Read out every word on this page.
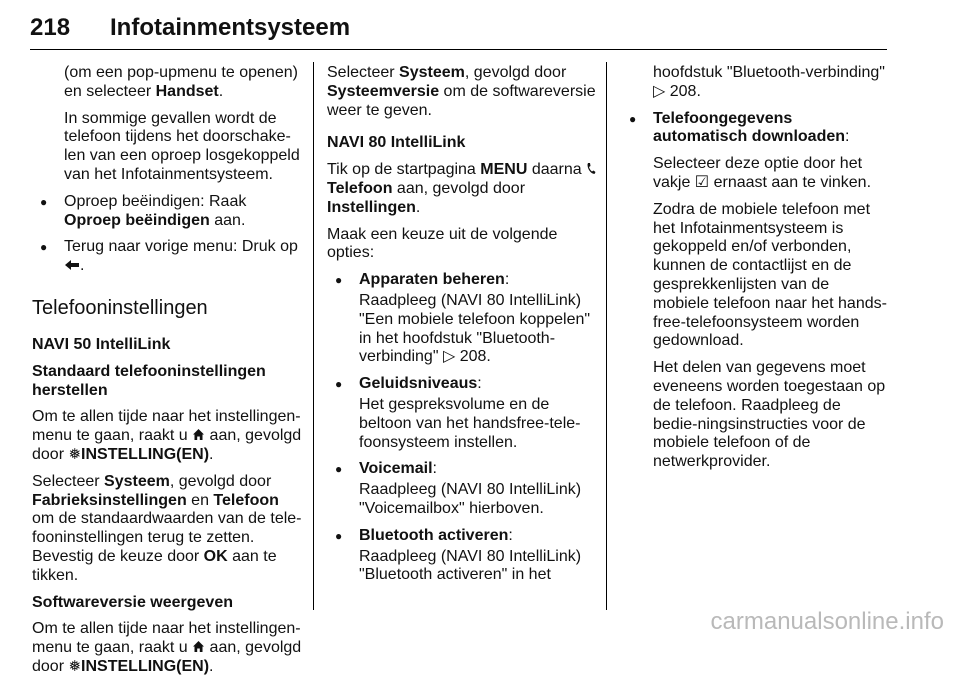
218 Infotainmentsysteem

(om een pop-upmenu te openen) en selecteer Handset.

In sommige gevallen wordt de telefoon tijdens het doorschake-len van een oproep losgekoppeld van het Infotainmentsysteem.

● Oproep beëindigen: Raak Oproep beëindigen aan.
● Terug naar vorige menu: Druk op .
Telefooninstellingen

NAVI 50 IntelliLink

Standaard telefooninstellingen herstellen

Om te allen tijde naar het instellingen-menu te gaan, raakt u  aan, gevolgd door ❅INSTELLING(EN).

Selecteer Systeem, gevolgd door Fabrieksinstellingen en Telefoon om de standaardwaarden van de tele-fooninstellingen terug te zetten. Bevestig de keuze door OK aan te tikken.

Softwareversie weergeven

Om te allen tijde naar het instellingen-menu te gaan, raakt u  aan, gevolgd door ❅INSTELLING(EN).

Selecteer Systeem, gevolgd door Systeemversie om de softwareversie weer te geven.

NAVI 80 IntelliLink

Tik op de startpagina MENU daarna Telefoon aan, gevolgd door Instellingen.

Maak een keuze uit de volgende opties:

● Apparaten beheren:

Raadpleeg (NAVI 80 IntelliLink) "Een mobiele telefoon koppelen" in het hoofdstuk "Bluetooth-verbinding" ▷ 208.

● Geluidsniveaus:

Het gespreksvolume en de beltoon van het handsfree-tele-foonsysteem instellen.

● Voicemail:

Raadpleeg (NAVI 80 IntelliLink) "Voicemailbox" hierboven.

● Bluetooth activeren:

Raadpleeg (NAVI 80 IntelliLink) "Bluetooth activeren" in het

hoofdstuk "Bluetooth-verbinding" ▷ 208.

● Telefoongegevens automatisch downloaden:

Selecteer deze optie door het vakje ☑ ernaast aan te vinken.

Zodra de mobiele telefoon met het Infotainmentsysteem is gekoppeld en/of verbonden, kunnen de contactlijst en de gesprekkenlijsten van de mobiele telefoon naar het hands-free-telefoonsysteem worden gedownload.

Het delen van gegevens moet eveneens worden toegestaan op de telefoon. Raadpleeg de bedie-ningsinstructies voor de mobiele telefoon of de netwerkprovider.

carmanualsonline.info
